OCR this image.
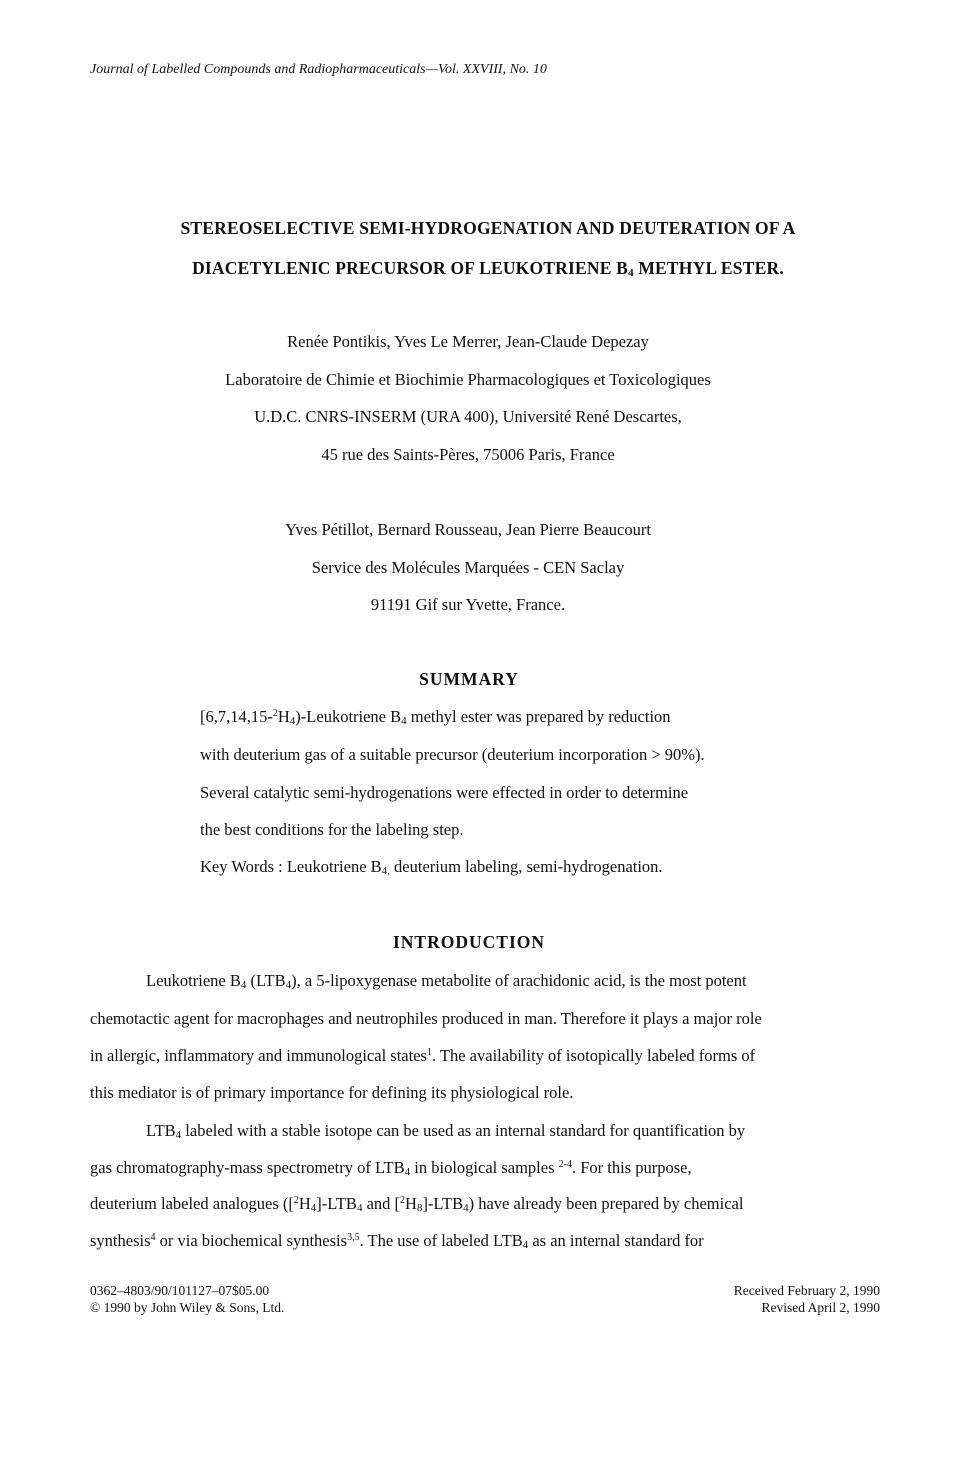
Journal of Labelled Compounds and Radiopharmaceuticals—Vol. XXVIII, No. 10
STEREOSELECTIVE SEMI-HYDROGENATION AND DEUTERATION OF A
DIACETYLENIC PRECURSOR OF LEUKOTRIENE $B_4$ METHYL ESTER.
Renée Pontikis, Yves Le Merrer, Jean-Claude Depezay
Laboratoire de Chimie et Biochimie Pharmacologiques et Toxicologiques
U.D.C. CNRS-INSERM (URA 400), Université René Descartes,
45 rue des Saints-Pères, 75006 Paris, France
Yves Pétillot, Bernard Rousseau, Jean Pierre Beaucourt
Service des Molécules Marquées - CEN Saclay
91191 Gif sur Yvette, France.
SUMMARY
$[6,7,14,15-^2H_4)$-Leukotriene $B_4$ methyl ester was prepared by reduction
with deuterium gas of a suitable precursor (deuterium incorporation > 90%).
Several catalytic semi-hydrogenations were effected in order to determine
the best conditions for the labeling step.
Key Words : Leukotriene $B_{4,}$ deuterium labeling, semi-hydrogenation.
INTRODUCTION
Leukotriene $B_4$ $(LTB_4)$, a 5-lipoxygenase metabolite of arachidonic acid, is the most potent
chemotactic agent for macrophages and neutrophiles produced in man. Therefore it plays a major role
in allergic, inflammatory and immunological states$^1$. The availability of isotopically labeled forms of
this mediator is of primary importance for defining its physiological role.
$LTB_4$ labeled with a stable isotope can be used as an internal standard for quantification by
gas chromatography-mass spectrometry of $LTB_4$ in biological samples $^{2-4}$. For this purpose,
deuterium labeled analogues ($[^2H_4]-LTB_4$ and $[^2H_8]-LTB_4$) have already been prepared by chemical
synthesis$^4$ or via biochemical synthesis$^{3,5}$. The use of labeled $LTB_4$ as an internal standard for
0362–4803/90/101127–07$05.00
© 1990 by John Wiley & Sons, Ltd.
Received February 2, 1990
Revised April 2, 1990
